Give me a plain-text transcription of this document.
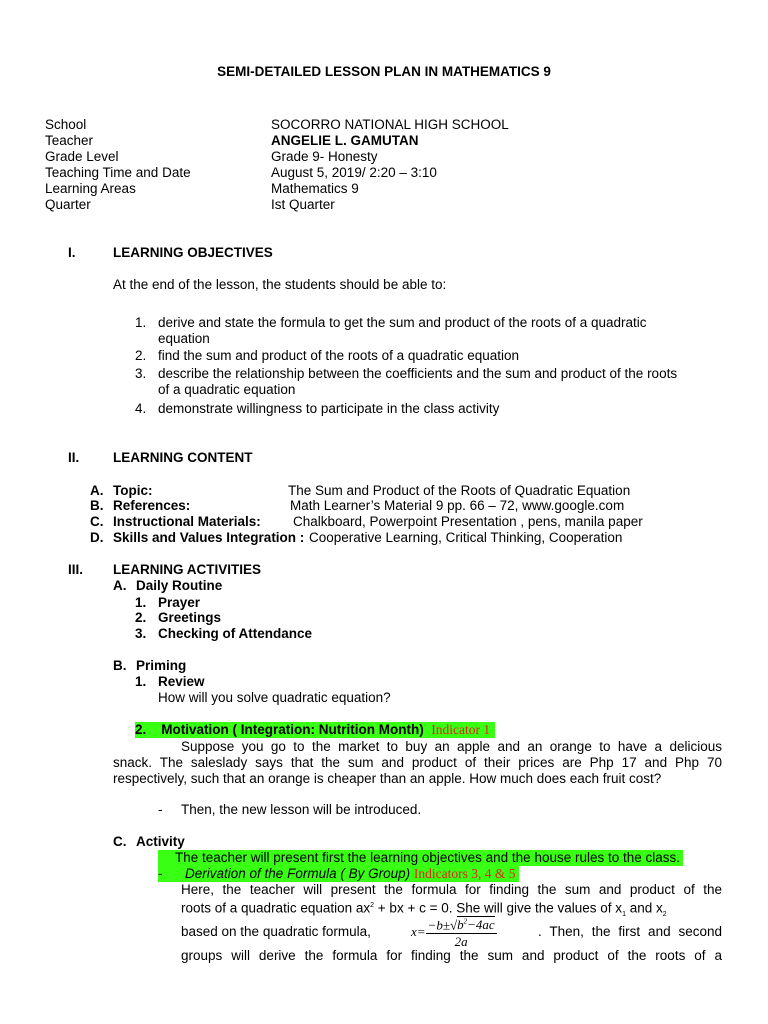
SEMI-DETAILED LESSON PLAN IN MATHEMATICS 9
School	SOCORRO NATIONAL HIGH SCHOOL
Teacher	ANGELIE L. GAMUTAN
Grade Level	Grade 9- Honesty
Teaching Time and Date	August 5, 2019/ 2:20 – 3:10
Learning Areas	Mathematics 9
Quarter	Ist Quarter
I.	LEARNING OBJECTIVES
At the end of the lesson, the students should be able to:
1. derive and state the formula to get the sum and product of the roots of a quadratic
equation
2. find the sum and product of the roots of a quadratic equation
3. describe the relationship between the coefficients and the sum and product of the roots
of a quadratic equation
4. demonstrate willingness to participate in the class activity
II. LEARNING CONTENT
A. Topic:	The Sum and Product of the Roots of Quadratic Equation
B. References:	Math Learner’s Material 9 pp. 66 – 72, www.google.com
C. Instructional Materials: Chalkboard, Powerpoint Presentation , pens, manila paper
D. Skills and Values Integration : Cooperative Learning, Critical Thinking, Cooperation
III. LEARNING ACTIVITIES
A. Daily Routine
1. Prayer
2. Greetings
3. Checking of Attendance
B. Priming
1. Review
How will you solve quadratic equation?
2. Motivation ( Integration: Nutrition Month) Indicator 1
Suppose you go to the market to buy an apple and an orange to have a delicious
snack. The saleslady says that the sum and product of their prices are Php 17 and Php 70
respectively, such that an orange is cheaper than an apple. How much does each fruit cost?
- Then, the new lesson will be introduced.
C. Activity
The teacher will present first the learning objectives and the house rules to the class.
- Derivation of the Formula ( By Group) Indicators 3, 4 & 5
Here, the teacher will present the formula for finding the sum and product of the
roots of a quadratic equation $ax^2$ + bx + c = 0. She will give the values of $x_1$ and $x_2$
based on the quadratic formula,	$x= \frac{-b\pm√b^2-4ac}{2a}$	. Then, the first and second
groups will derive the formula for finding the sum and product of the roots of a
